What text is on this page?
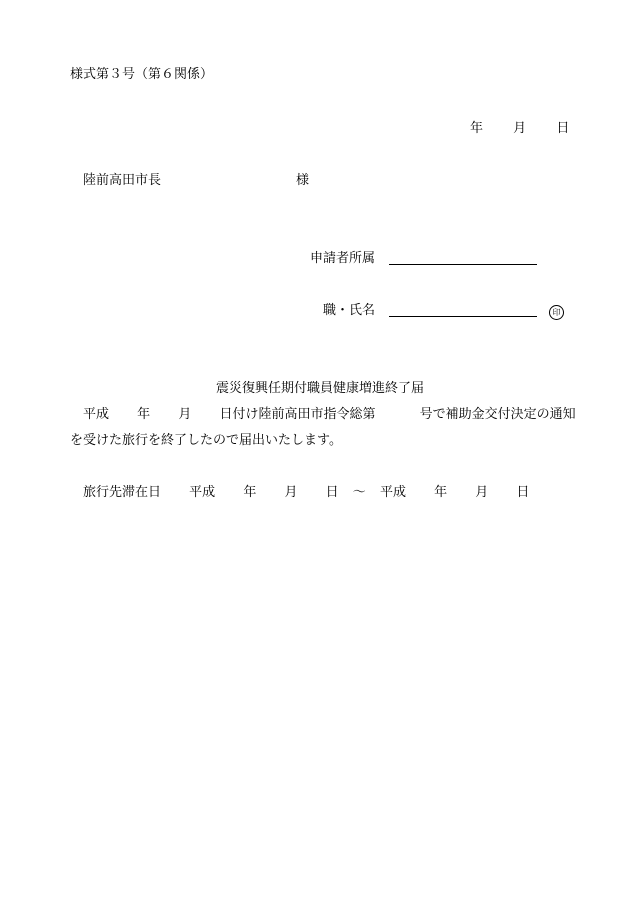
様式第３号（第６関係）
年 月 日
陸前高田市長	様
申請者所属
職・氏名	印
震災復興任期付職員健康増進終了届
平成 年 月 日付け陸前高田市指令総第	号で補助金交付決定の通知
を受けた旅行を終了したので届出いたします。
旅行先滞在日 平成 年 月 日 ～ 平成 年 月 日
